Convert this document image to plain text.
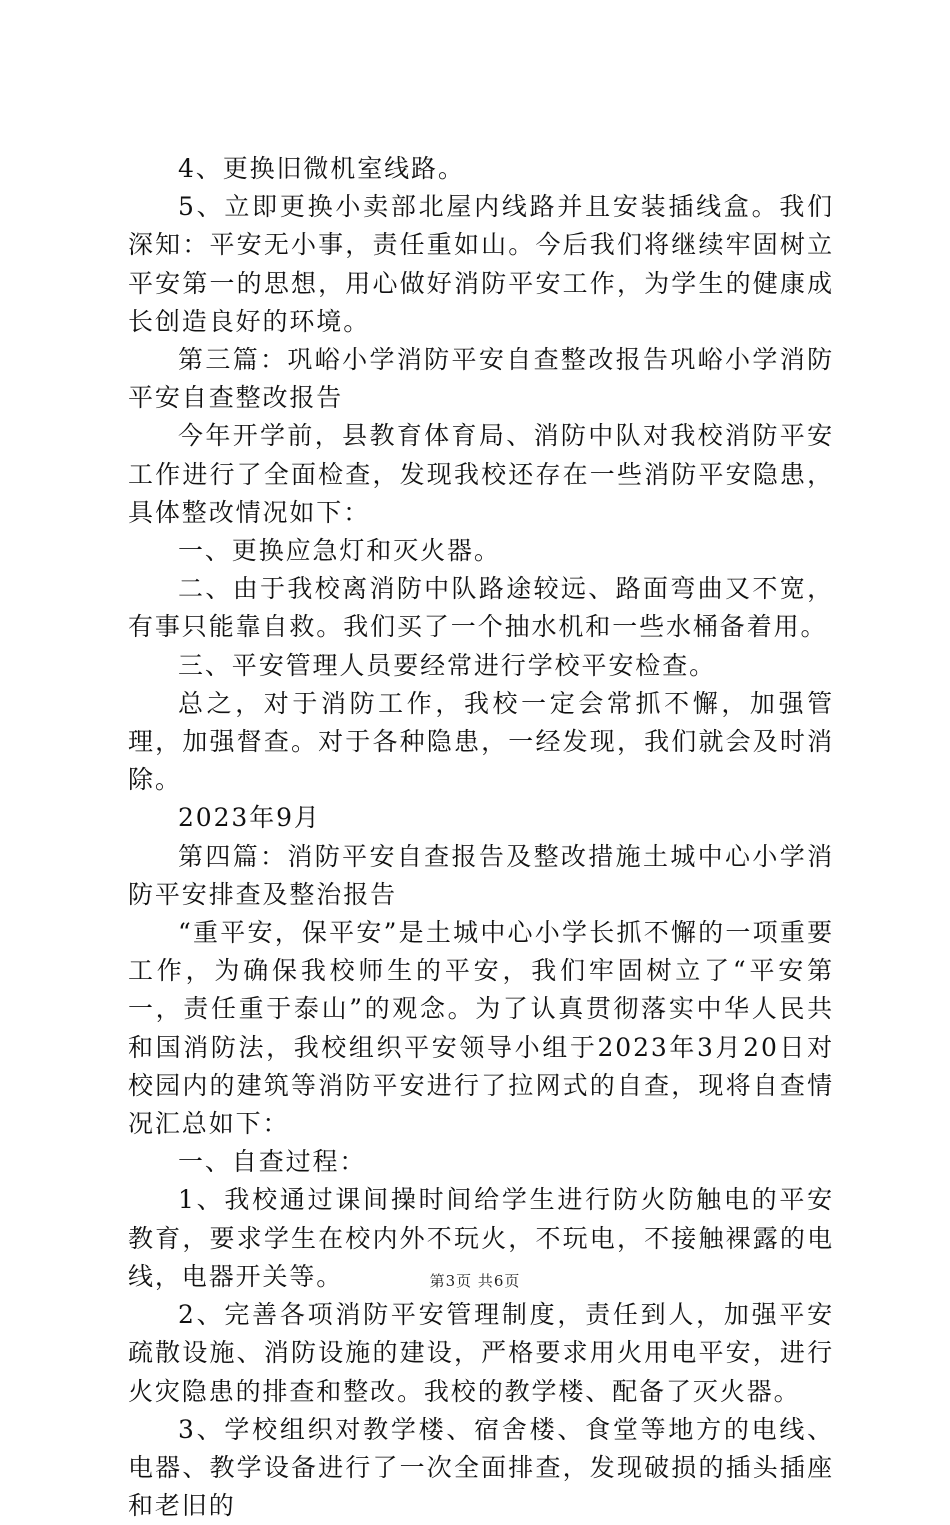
4、更换旧微机室线路。

5、立即更换小卖部北屋内线路并且安装插线盒。我们深知：平安无小事，责任重如山。今后我们将继续牢固树立平安第一的思想，用心做好消防平安工作，为学生的健康成长创造良好的环境。

第三篇：巩峪小学消防平安自查整改报告巩峪小学消防平安自查整改报告

今年开学前，县教育体育局、消防中队对我校消防平安工作进行了全面检查，发现我校还存在一些消防平安隐患，具体整改情况如下：

一、更换应急灯和灭火器。

二、由于我校离消防中队路途较远、路面弯曲又不宽，有事只能靠自救。我们买了一个抽水机和一些水桶备着用。

三、平安管理人员要经常进行学校平安检查。

总之，对于消防工作，我校一定会常抓不懈，加强管理，加强督查。对于各种隐患，一经发现，我们就会及时消除。

2023年9月

第四篇：消防平安自查报告及整改措施土城中心小学消防平安排查及整治报告

“重平安，保平安”是土城中心小学长抓不懈的一项重要工作，为确保我校师生的平安，我们牢固树立了“平安第一，责任重于泰山”的观念。为了认真贯彻落实中华人民共和国消防法，我校组织平安领导小组于2023年3月20日对校园内的建筑等消防平安进行了拉网式的自查，现将自查情况汇总如下：

一、自查过程：

1、我校通过课间操时间给学生进行防火防触电的平安教育，要求学生在校内外不玩火，不玩电，不接触裸露的电线，电器开关等。

2、完善各项消防平安管理制度，责任到人，加强平安疏散设施、消防设施的建设，严格要求用火用电平安，进行火灾隐患的排查和整改。我校的教学楼、配备了灭火器。

3、学校组织对教学楼、宿舍楼、食堂等地方的电线、电器、教学设备进行了一次全面排查，发现破损的插头插座和老旧的

第3页 共6页
